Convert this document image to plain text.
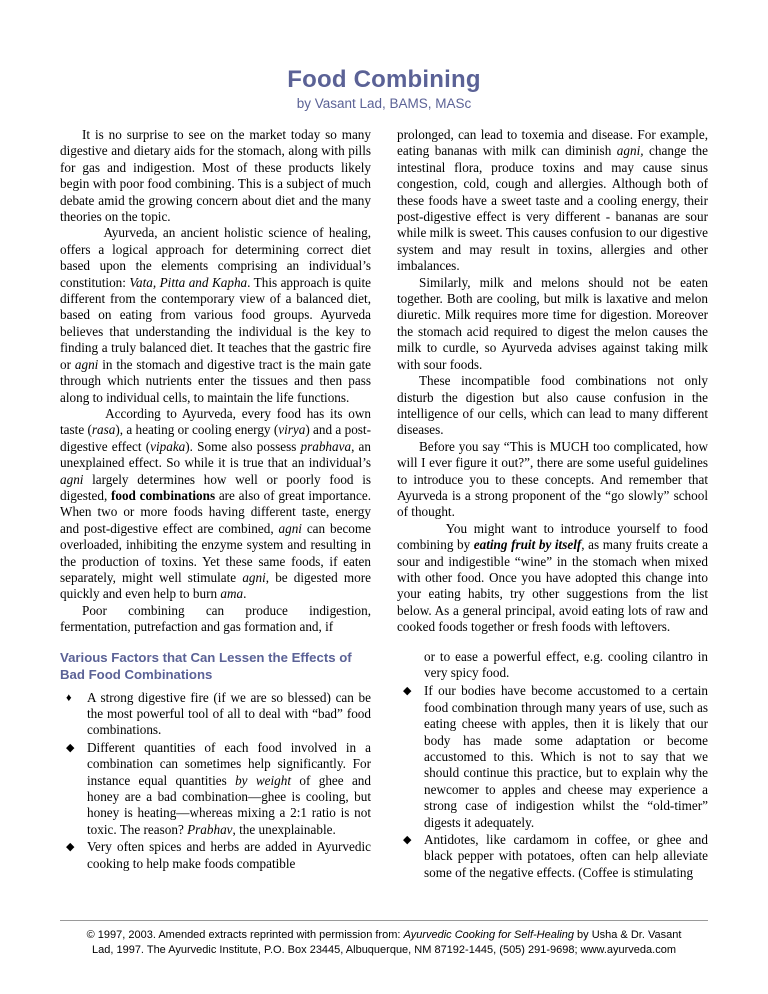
Food Combining
by Vasant Lad, BAMS, MASc

It is no surprise to see on the market today so many digestive and dietary aids for the stomach, along with pills for gas and indigestion. Most of these products likely begin with poor food combining. This is a subject of much debate amid the growing concern about diet and the many theories on the topic.

Ayurveda, an ancient holistic science of healing, offers a logical approach for determining correct diet based upon the elements comprising an individual’s constitution: Vata, Pitta and Kapha. This approach is quite different from the contemporary view of a balanced diet, based on eating from various food groups. Ayurveda believes that understanding the individual is the key to finding a truly balanced diet. It teaches that the gastric fire or agni in the stomach and digestive tract is the main gate through which nutrients enter the tissues and then pass along to individual cells, to maintain the life functions.

According to Ayurveda, every food has its own taste (rasa), a heating or cooling energy (virya) and a post-digestive effect (vipaka). Some also possess prabhava, an unexplained effect. So while it is true that an individual’s agni largely determines how well or poorly food is digested, food combinations are also of great importance. When two or more foods having different taste, energy and post-digestive effect are combined, agni can become overloaded, inhibiting the enzyme system and resulting in the production of toxins. Yet these same foods, if eaten separately, might well stimulate agni, be digested more quickly and even help to burn ama.

Poor combining can produce indigestion, fermentation, putrefaction and gas formation and, if

Various Factors that Can Lessen the Effects of Bad Food Combinations
♦ A strong digestive fire (if we are so blessed) can be the most powerful tool of all to deal with “bad” food combinations.
◆ Different quantities of each food involved in a combination can sometimes help significantly. For instance equal quantities by weight of ghee and honey are a bad combination—ghee is cooling, but honey is heating—whereas mixing a 2:1 ratio is not toxic. The reason? Prabhav, the unexplainable.
◆ Very often spices and herbs are added in Ayurvedic cooking to help make foods compatible

prolonged, can lead to toxemia and disease. For example, eating bananas with milk can diminish agni, change the intestinal flora, produce toxins and may cause sinus congestion, cold, cough and allergies. Although both of these foods have a sweet taste and a cooling energy, their post-digestive effect is very different - bananas are sour while milk is sweet. This causes confusion to our digestive system and may result in toxins, allergies and other imbalances.

Similarly, milk and melons should not be eaten together. Both are cooling, but milk is laxative and melon diuretic. Milk requires more time for digestion. Moreover the stomach acid required to digest the melon causes the milk to curdle, so Ayurveda advises against taking milk with sour foods.

These incompatible food combinations not only disturb the digestion but also cause confusion in the intelligence of our cells, which can lead to many different diseases.

Before you say “This is MUCH too complicated, how will I ever figure it out?”, there are some useful guidelines to introduce you to these concepts. And remember that Ayurveda is a strong proponent of the “go slowly” school of thought.

You might want to introduce yourself to food combining by eating fruit by itself, as many fruits create a sour and indigestible “wine” in the stomach when mixed with other food. Once you have adopted this change into your eating habits, try other suggestions from the list below. As a general principal, avoid eating lots of raw and cooked foods together or fresh foods with leftovers.

or to ease a powerful effect, e.g. cooling cilantro in very spicy food.
◆ If our bodies have become accustomed to a certain food combination through many years of use, such as eating cheese with apples, then it is likely that our body has made some adaptation or become accustomed to this. Which is not to say that we should continue this practice, but to explain why the newcomer to apples and cheese may experience a strong case of indigestion whilst the “old-timer” digests it adequately.
◆ Antidotes, like cardamom in coffee, or ghee and black pepper with potatoes, often can help alleviate some of the negative effects. (Coffee is stimulating
© 1997, 2003. Amended extracts reprinted with permission from: Ayurvedic Cooking for Self-Healing by Usha & Dr. Vasant
Lad, 1997. The Ayurvedic Institute, P.O. Box 23445, Albuquerque, NM 87192-1445, (505) 291-9698; www.ayurveda.com
